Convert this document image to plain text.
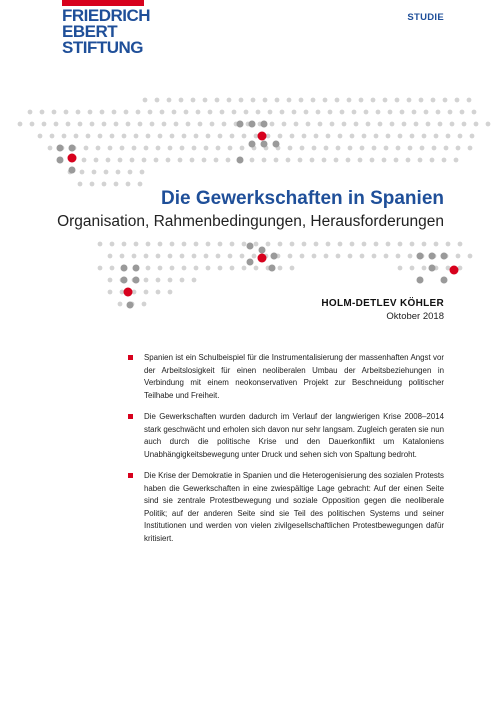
FRIEDRICH
EBERT
STIFTUNG
STUDIE
Die Gewerkschaften in Spanien
Organisation, Rahmenbedingungen, Herausforderungen
HOLM-DETLEV KÖHLER
Oktober 2018
Spanien ist ein Schulbeispiel für die Instrumentalisierung der massenhaften Angst vor der Arbeitslosigkeit für einen neoliberalen Umbau der Arbeitsbeziehungen in Verbindung mit einem neokonservativen Projekt zur Beschneidung politischer Teilhabe und Freiheit.
Die Gewerkschaften wurden dadurch im Verlauf der langwierigen Krise 2008–2014 stark geschwächt und erholen sich davon nur sehr langsam. Zugleich geraten sie nun auch durch die politische Krise und den Dauerkonflikt um Kataloniens Unabhängigkeitsbewegung unter Druck und sehen sich von Spaltung bedroht.
Die Krise der Demokratie in Spanien und die Heterogenisierung des sozialen Protests haben die Gewerkschaften in eine zwiespältige Lage gebracht: Auf der einen Seite sind sie zentrale Protestbewegung und soziale Opposition gegen die neoliberale Politik; auf der anderen Seite sind sie Teil des politischen Systems und seiner Institutionen und werden von vielen zivilgesellschaftlichen Protestbewegungen dafür kritisiert.
